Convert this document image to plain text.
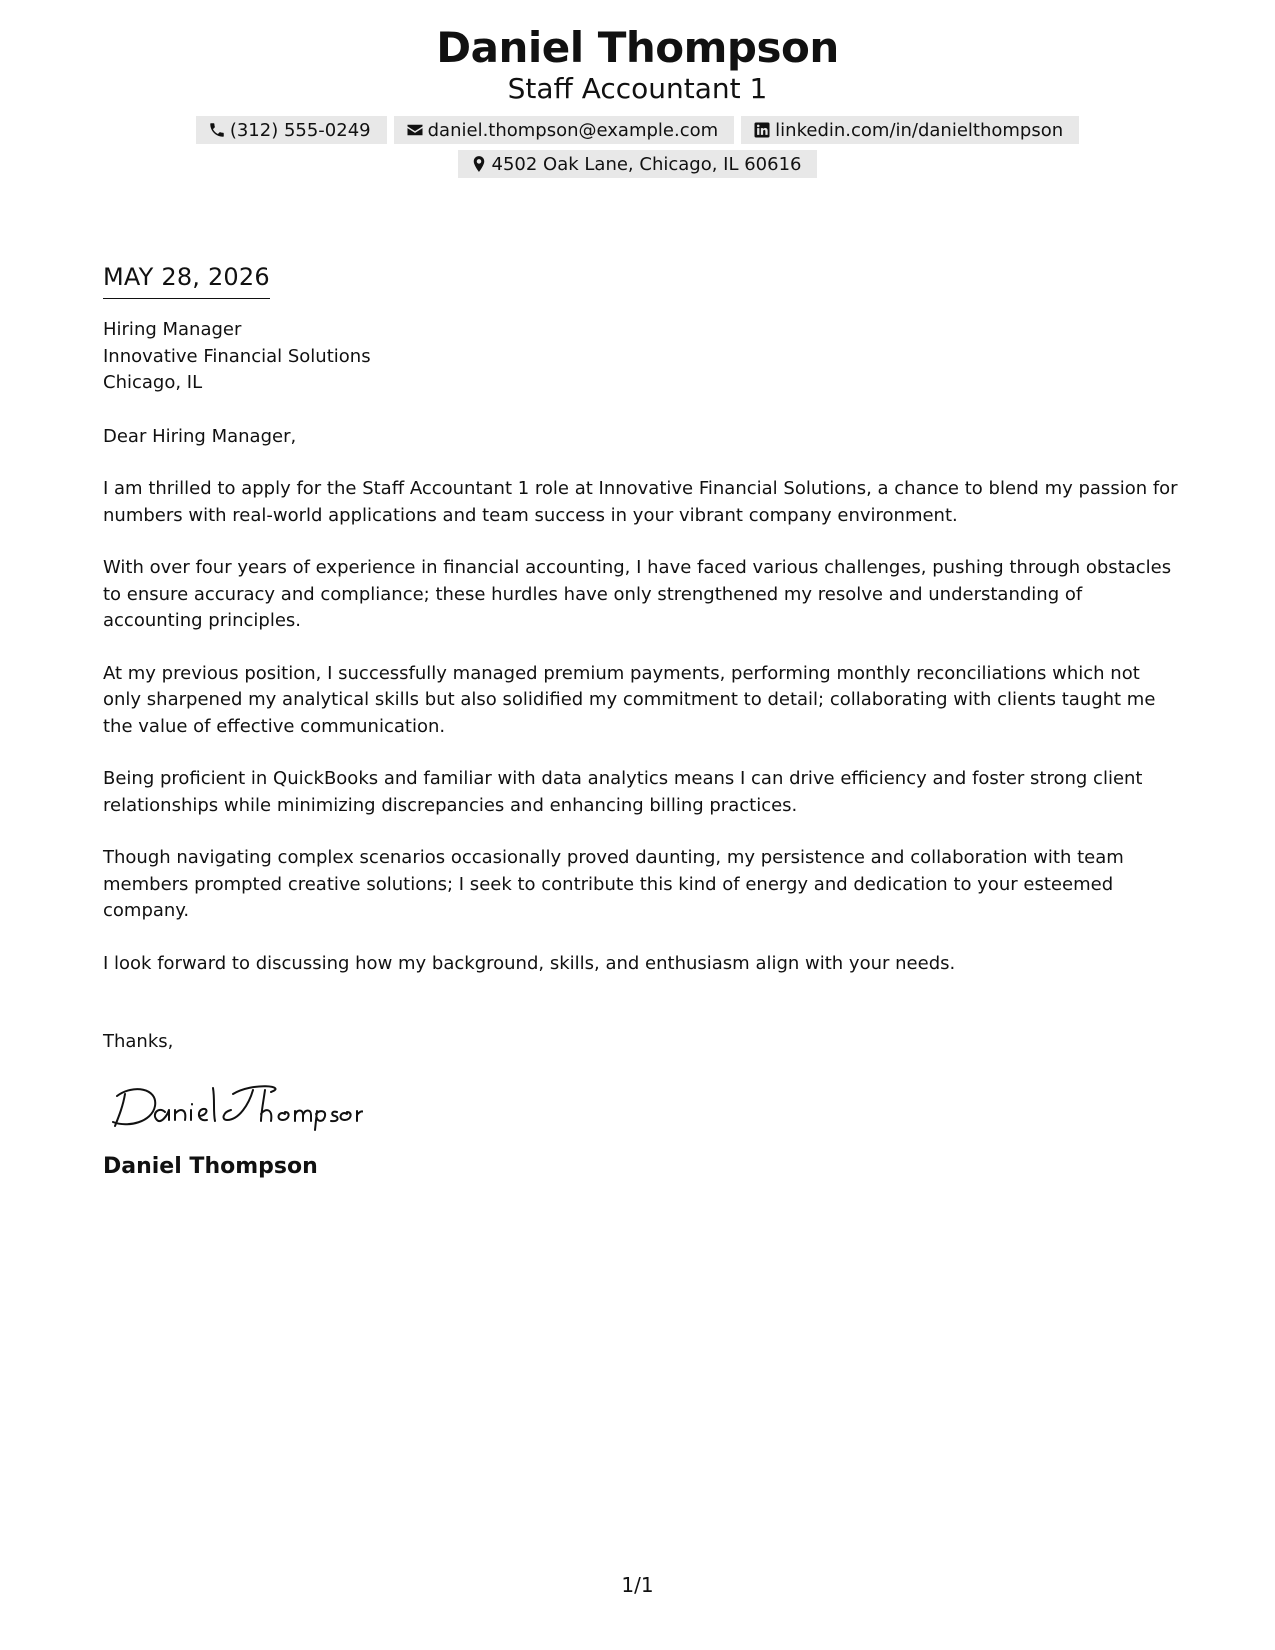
Daniel Thompson
Staff Accountant 1
(312) 555-0249	daniel.thompson@example.com	linkedin.com/in/danielthompson
4502 Oak Lane, Chicago, IL 60616
MAY 28, 2026
Hiring Manager
Innovative Financial Solutions
Chicago, IL
Dear Hiring Manager,
I am thrilled to apply for the Staff Accountant 1 role at Innovative Financial Solutions, a chance to blend my passion for numbers with real-world applications and team success in your vibrant company environment.
With over four years of experience in financial accounting, I have faced various challenges, pushing through obstacles to ensure accuracy and compliance; these hurdles have only strengthened my resolve and understanding of accounting principles.
At my previous position, I successfully managed premium payments, performing monthly reconciliations which not only sharpened my analytical skills but also solidified my commitment to detail; collaborating with clients taught me the value of effective communication.
Being proficient in QuickBooks and familiar with data analytics means I can drive efficiency and foster strong client relationships while minimizing discrepancies and enhancing billing practices.
Though navigating complex scenarios occasionally proved daunting, my persistence and collaboration with team members prompted creative solutions; I seek to contribute this kind of energy and dedication to your esteemed company.
I look forward to discussing how my background, skills, and enthusiasm align with your needs.
Thanks,
Daniel Thompson
1/1
